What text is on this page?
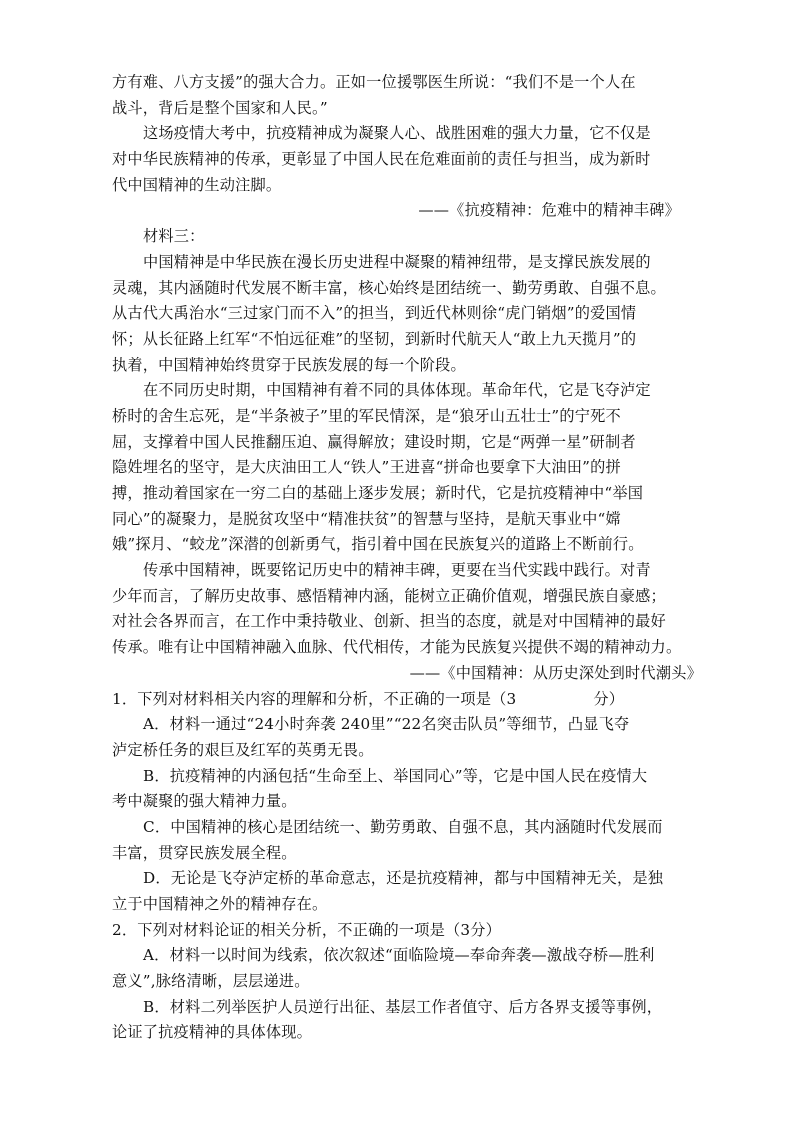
方有难、八方支援”的强大合力。正如一位援鄂医生所说：“我们不是一个人在
战斗，背后是整个国家和人民。”
这场疫情大考中，抗疫精神成为凝聚人心、战胜困难的强大力量，它不仅是
对中华民族精神的传承，更彰显了中国人民在危难面前的责任与担当，成为新时
代中国精神的生动注脚。
——《抗疫精神：危难中的精神丰碑》
材料三：
中国精神是中华民族在漫长历史进程中凝聚的精神纽带，是支撑民族发展的
灵魂，其内涵随时代发展不断丰富，核心始终是团结统一、勤劳勇敢、自强不息。
从古代大禹治水“三过家门而不入”的担当，到近代林则徐“虎门销烟”的爱国情
怀；从长征路上红军“不怕远征难”的坚韧，到新时代航天人“敢上九天揽月”的
执着，中国精神始终贯穿于民族发展的每一个阶段。
在不同历史时期，中国精神有着不同的具体体现。革命年代，它是飞夺泸定
桥时的舍生忘死，是“半条被子”里的军民情深，是“狼牙山五壮士”的宁死不
屈，支撑着中国人民推翻压迫、赢得解放；建设时期，它是“两弹一星”研制者
隐姓埋名的坚守，是大庆油田工人“铁人”王进喜“拼命也要拿下大油田”的拼
搏，推动着国家在一穷二白的基础上逐步发展；新时代，它是抗疫精神中“举国
同心”的凝聚力，是脱贫攻坚中“精准扶贫”的智慧与坚持，是航天事业中“嫦
娥”探月、“蛟龙”深潜的创新勇气，指引着中国在民族复兴的道路上不断前行。
传承中国精神，既要铭记历史中的精神丰碑，更要在当代实践中践行。对青
少年而言，了解历史故事、感悟精神内涵，能树立正确价值观，增强民族自豪感；
对社会各界而言，在工作中秉持敬业、创新、担当的态度，就是对中国精神的最好
传承。唯有让中国精神融入血脉、代代相传，才能为民族复兴提供不竭的精神动力。
——《中国精神：从历史深处到时代潮头》
1．下列对材料相关内容的理解和分析，不正确的一项是（3　　　　　分）
A．材料一通过“24小时奔袭 240里”“22名突击队员”等细节，凸显飞夺
泸定桥任务的艰巨及红军的英勇无畏。
B．抗疫精神的内涵包括“生命至上、举国同心”等，它是中国人民在疫情大
考中凝聚的强大精神力量。
C．中国精神的核心是团结统一、勤劳勇敢、自强不息，其内涵随时代发展而
丰富，贯穿民族发展全程。
D．无论是飞夺泸定桥的革命意志，还是抗疫精神，都与中国精神无关，是独
立于中国精神之外的精神存在。
2．下列对材料论证的相关分析，不正确的一项是（3分）
A．材料一以时间为线索，依次叙述“面临险境—奉命奔袭—激战夺桥—胜利
意义”,脉络清晰，层层递进。
B．材料二列举医护人员逆行出征、基层工作者值守、后方各界支援等事例，
论证了抗疫精神的具体体现。
